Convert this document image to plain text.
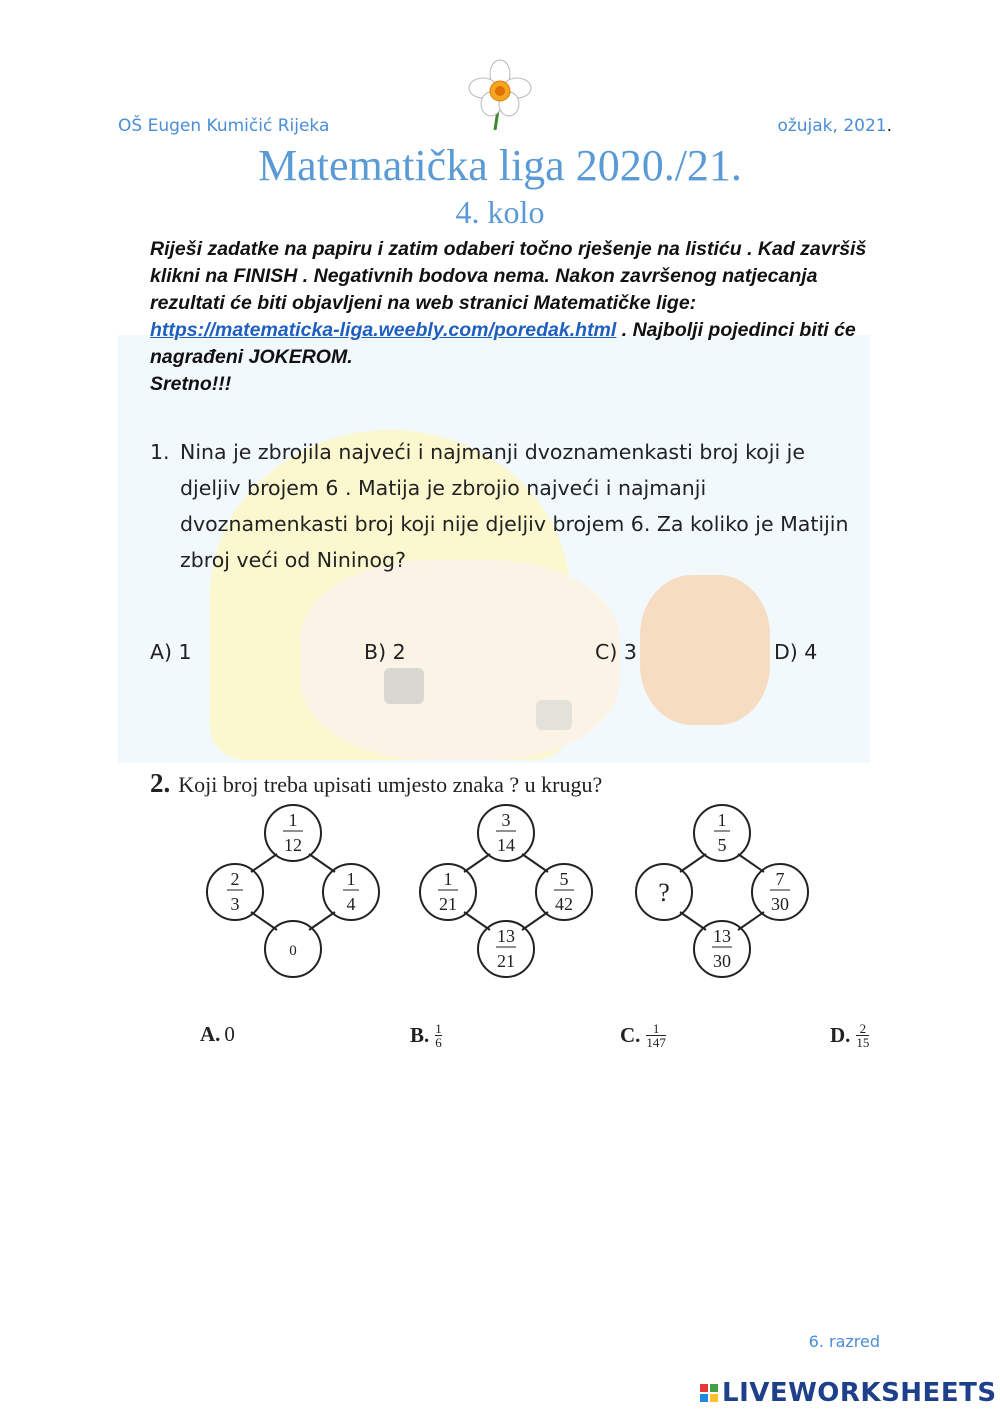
OŠ Eugen Kumičić Rijeka	ožujak, 2021.
Matematička liga 2020./21.
4. kolo
Riješi zadatke na papiru i zatim odaberi točno rješenje na listiću . Kad završiš klikni na FINISH . Negativnih bodova nema. Nakon završenog natjecanja rezultati će biti objavljeni na web stranici Matematičke lige: https://matematicka-liga.weebly.com/poredak.html . Najbolji pojedinci biti će nagrađeni JOKEROM.
Sretno!!!
1. Nina je zbrojila najveći i najmanji dvoznamenkasti broj koji je djeljiv brojem 6 . Matija je zbrojio najveći i najmanji dvoznamenkasti broj koji nije djeljiv brojem 6. Za koliko je Matijin zbroj veći od Nininog?
A) 1	B) 2	C) 3	D) 4
2. Koji broj treba upisati umjesto znaka ? u krugu?
1
12
2
3
1
4
0
3
14
1
21
5
42
13
21
1
5
?	7
30
13
30
A. 0	B. $\frac{1}{6}$	C. $\frac{1}{147}$	D. $\frac{2}{15}$
6. razred
LIVEWORKSHEETS
